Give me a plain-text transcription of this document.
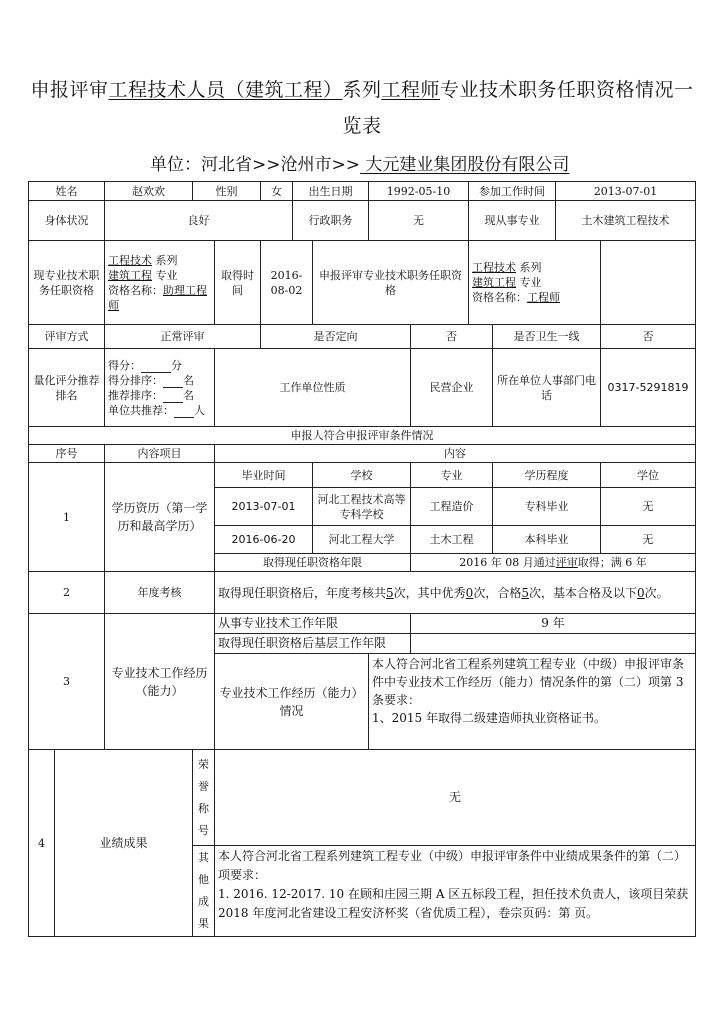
申报评审工程技术人员（建筑工程）系列工程师专业技术职务任职资格情况一览表
单位：河北省>>沧州市>> 大元建业集团股份有限公司
姓名		赵欢欢	性别		女	出生日期		1992-05-10		参加工作时间		2013-07-01	

身体状况		良好				行政职务		无		现从事专业		土木建筑工程技术		
现专业技术职务任职资格		工程技术 系列
建筑工程 专业
资格名称：助理工程师		取得时间	2016-08-02		申报评审专业技术职务任职资格			工程技术 系列
建筑工程 专业
资格名称：工程师				
评审方式		正常评审			是否定向				否		是否卫生一线		否	
量化评分推荐排名		得分： 分
得分排序： 名
推荐排序： 名
单位共推荐： 人		工作单位性质					民营企业		所在单位人事部门电话		0317-5291819	
申报人符合申报评审条件情况														
序号		内容项目		内容										
1		学历资历（第一学历和最高学历）		毕业时间			学校		专业		学历程度		学位	
				2013-07-01			河北工程技术高等专科学校		工程造价		专科毕业		无	
				2016-06-20			河北工程大学		土木工程		本科毕业		无	
				取得现任职资格年限					2016 年 08 月通过评审取得；满 6 年					
2		年度考核		取得现任职资格后，年度考核共5次，其中优秀0次，合格5次，基本合格及以下0次。										
3		专业技术工作经历（能力）		从事专业技术工作年限					9 年					
				取得现任职资格后基层工作年限										
				专业技术工作经历（能力）情况				本人符合河北省工程系列建筑工程专业（中级）申报评审条件中专业技术工作经历（能力）情况条件的第（二）项第 3 条要求：
1、2015 年取得二级建造师执业资格证书。						

4	业绩成果		荣誉称号	无										

			其他成果	本人符合河北省工程系列建筑工程专业（中级）申报评审条件中业绩成果条件的第（二）项要求：
1. 2016. 12-2017. 10 在顾和庄园三期 A 区五标段工程，担任技术负责人，该项目荣获 2018 年度河北省建设工程安济杯奖（省优质工程），卷宗页码：第 页。										
